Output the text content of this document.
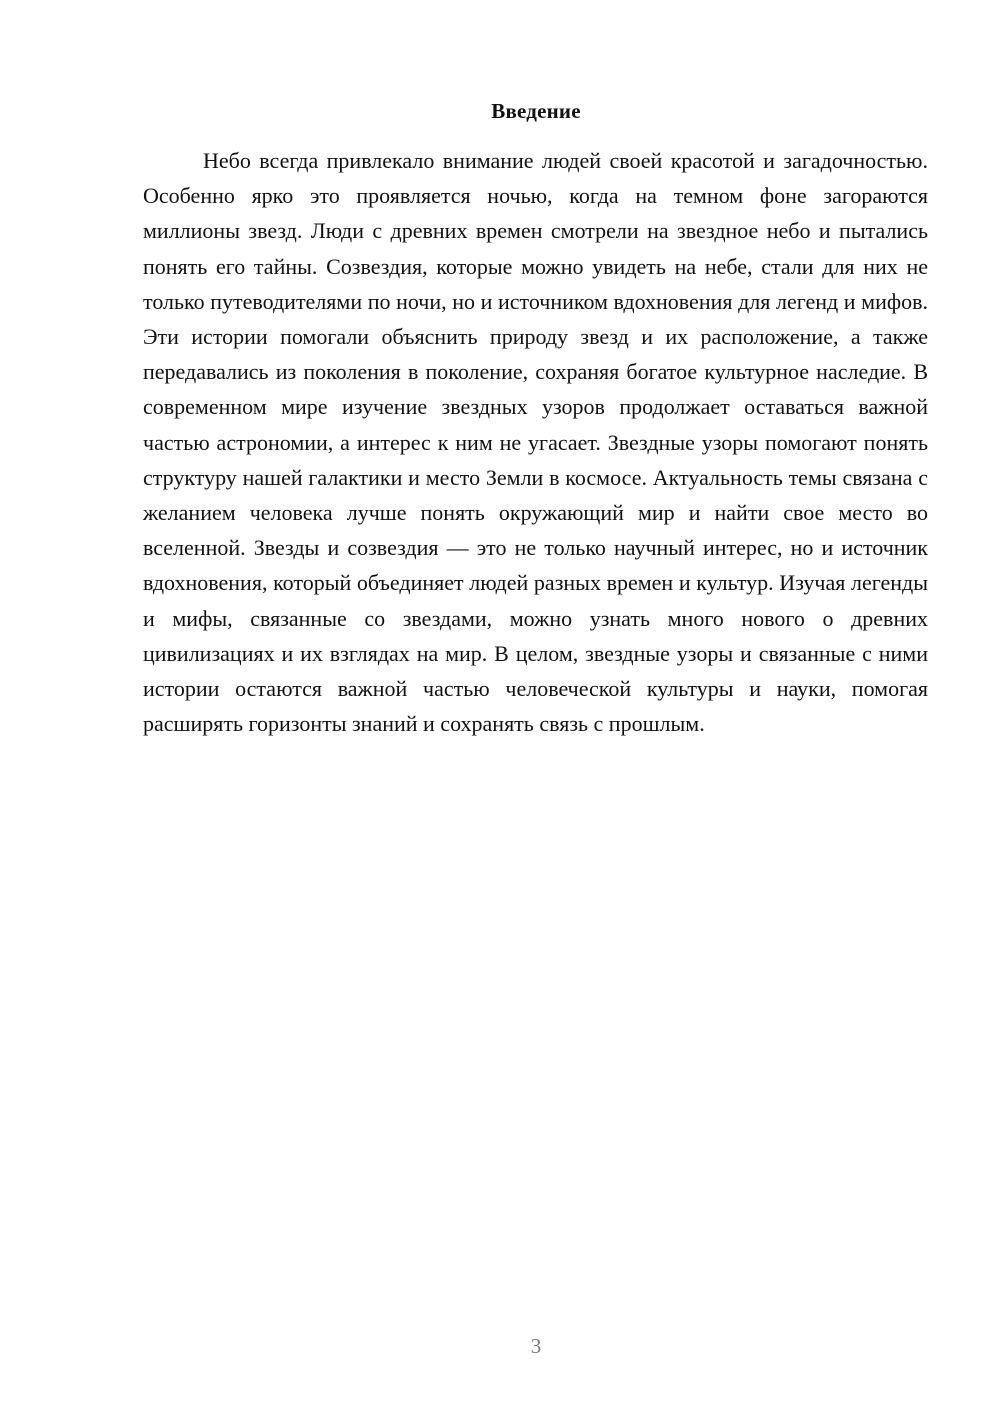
Введение

Небо всегда привлекало внимание людей своей красотой и загадочностью. Особенно ярко это проявляется ночью, когда на темном фоне загораются миллионы звезд. Люди с древних времен смотрели на звездное небо и пытались понять его тайны. Созвездия, которые можно увидеть на небе, стали для них не только путеводителями по ночи, но и источником вдохновения для легенд и мифов. Эти истории помогали объяснить природу звезд и их расположение, а также передавались из поколения в поколение, сохраняя богатое культурное наследие. В современном мире изучение звездных узоров продолжает оставаться важной частью астрономии, а интерес к ним не угасает. Звездные узоры помогают понять структуру нашей галактики и место Земли в космосе. Актуальность темы связана с желанием человека лучше понять окружающий мир и найти свое место во вселенной. Звезды и созвездия — это не только научный интерес, но и источник вдохновения, который объединяет людей разных времен и культур. Изучая легенды и мифы, связанные со звездами, можно узнать много нового о древних цивилизациях и их взглядах на мир. В целом, звездные узоры и связанные с ними истории остаются важной частью человеческой культуры и науки, помогая расширять горизонты знаний и сохранять связь с прошлым.

3
